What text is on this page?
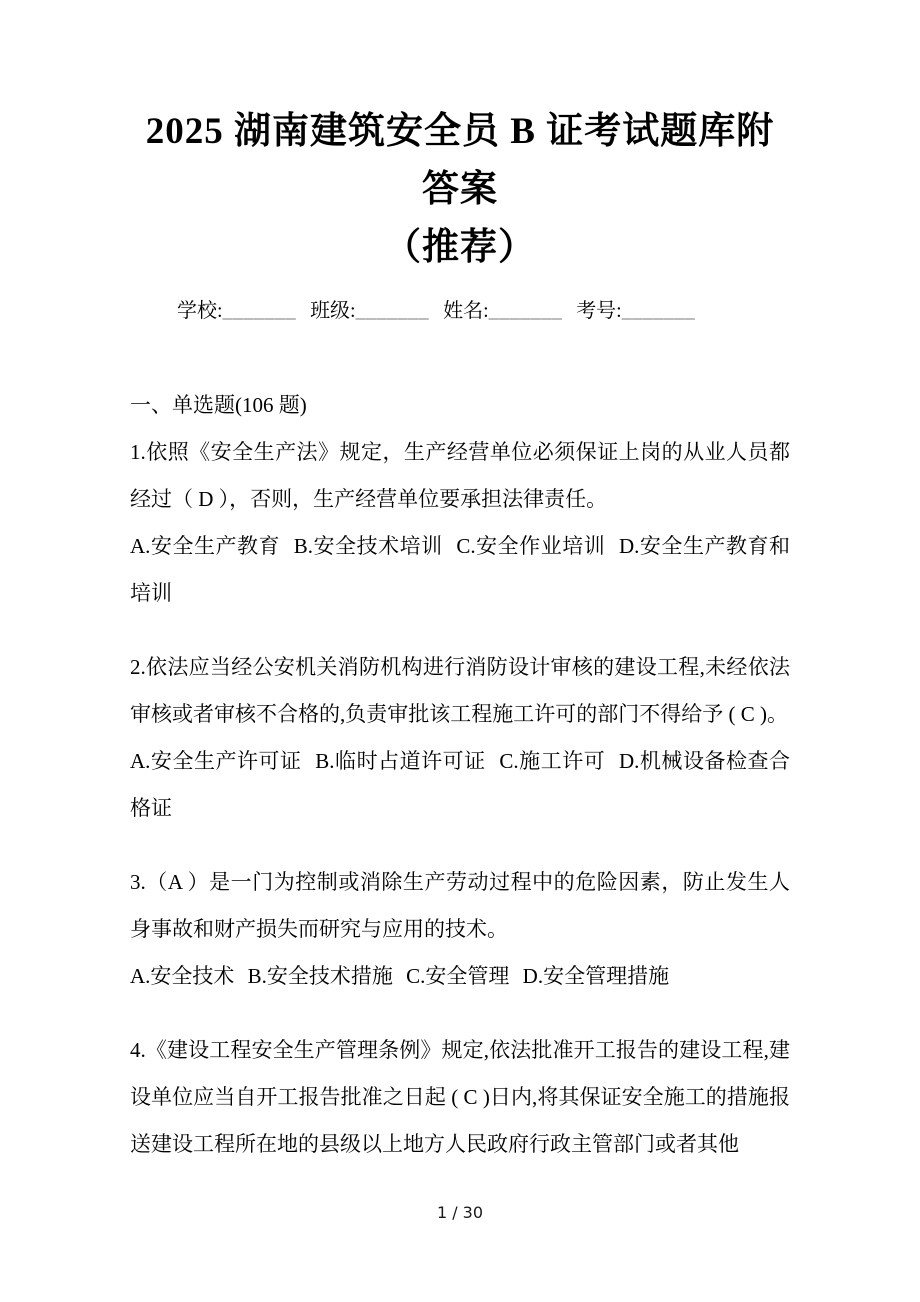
2025 湖南建筑安全员 B 证考试题库附答案
（推荐）
学校:_______ 班级:_______ 姓名:_______ 考号:_______

一、单选题(106 题)

1.依照《安全生产法》规定，生产经营单位必须保证上岗的从业人员都经过（ D ），否则，生产经营单位要承担法律责任。

A.安全生产教育 B.安全技术培训 C.安全作业培训 D.安全生产教育和培训

2.依法应当经公安机关消防机构进行消防设计审核的建设工程,未经依法审核或者审核不合格的,负责审批该工程施工许可的部门不得给予 ( C )。

A.安全生产许可证 B.临时占道许可证 C.施工许可 D.机械设备检查合格证

3.（A ）是一门为控制或消除生产劳动过程中的危险因素，防止发生人身事故和财产损失而研究与应用的技术。

A.安全技术 B.安全技术措施 C.安全管理 D.安全管理措施

4.《建设工程安全生产管理条例》规定,依法批准开工报告的建设工程,建设单位应当自开工报告批准之日起 ( C )日内,将其保证安全施工的措施报送建设工程所在地的县级以上地方人民政府行政主管部门或者其他

1 / 30
